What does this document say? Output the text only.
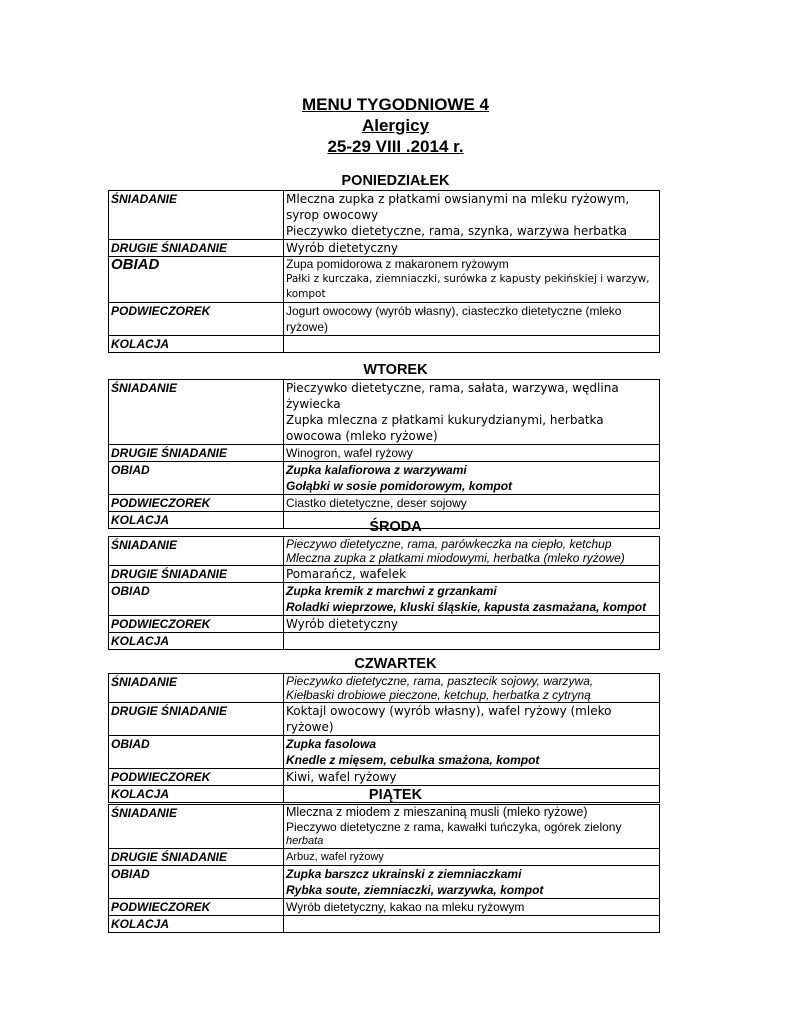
MENU TYGODNIOWE 4
Alergicy
25-29 VIII .2014 r.
PONIEDZIAŁEK
ŚNIADANIE	Mleczna zupka z płatkami owsianymi na mleku ryżowym, syrop owocowy
Pieczywko dietetyczne, rama, szynka, warzywa herbatka

DRUGIE ŚNIADANIE	Wyrób dietetyczny

OBIAD	Zupa pomidorowa z makaronem ryżowym
Pałki z kurczaka, ziemniaczki, surówka z kapusty pekińskiej i warzyw, kompot

PODWIECZOREK	Jogurt owocowy (wyrób własny), ciasteczko dietetyczne (mleko ryżowe)

KOLACJA	
WTOREK
ŚNIADANIE	Pieczywko dietetyczne, rama, sałata, warzywa, wędlina żywiecka
Zupka mleczna z płatkami kukurydzianymi, herbatka owocowa (mleko ryżowe)

DRUGIE ŚNIADANIE	Winogron, wafel ryżowy

OBIAD	Zupka kalafiorowa z warzywami
Gołąbki w sosie pomidorowym, kompot

PODWIECZOREK	Ciastko dietetyczne, deser sojowy

KOLACJA		ŚRODA
ŚNIADANIE	Pieczywo dietetyczne, rama, parówkeczka na ciepło, ketchup
Mleczna zupka z płatkami miodowymi, herbatka (mleko ryżowe)

DRUGIE ŚNIADANIE	Pomarańcz, wafelek

OBIAD	Zupka kremik z marchwi z grzankami
Roladki wieprzowe, kluski śląskie, kapusta zasmażana, kompot

PODWIECZOREK	Wyrób dietetyczny

KOLACJA	
CZWARTEK
ŚNIADANIE	Pieczywko dietetyczne, rama, pasztecik sojowy, warzywa,
Kiełbaski drobiowe pieczone, ketchup, herbatka z cytryną

DRUGIE ŚNIADANIE	Koktajl owocowy (wyrób własny), wafel ryżowy (mleko ryżowe)

OBIAD	Zupka fasolowa
Knedle z mięsem, cebulka smażona, kompot

PODWIECZOREK	Kiwi, wafel ryżowy

KOLACJA		PIĄTEK
ŚNIADANIE	Mleczna z miodem z mieszaniną musli (mleko ryżowe)
Pieczywo dietetyczne z rama, kawałki tuńczyka, ogórek zielony
herbata

DRUGIE ŚNIADANIE	Arbuz, wafel ryżowy

OBIAD	Zupka barszcz ukrainski z ziemniaczkami
Rybka soute, ziemniaczki, warzywka, kompot

PODWIECZOREK	Wyrób dietetyczny, kakao na mleku ryżowym

KOLACJA	
